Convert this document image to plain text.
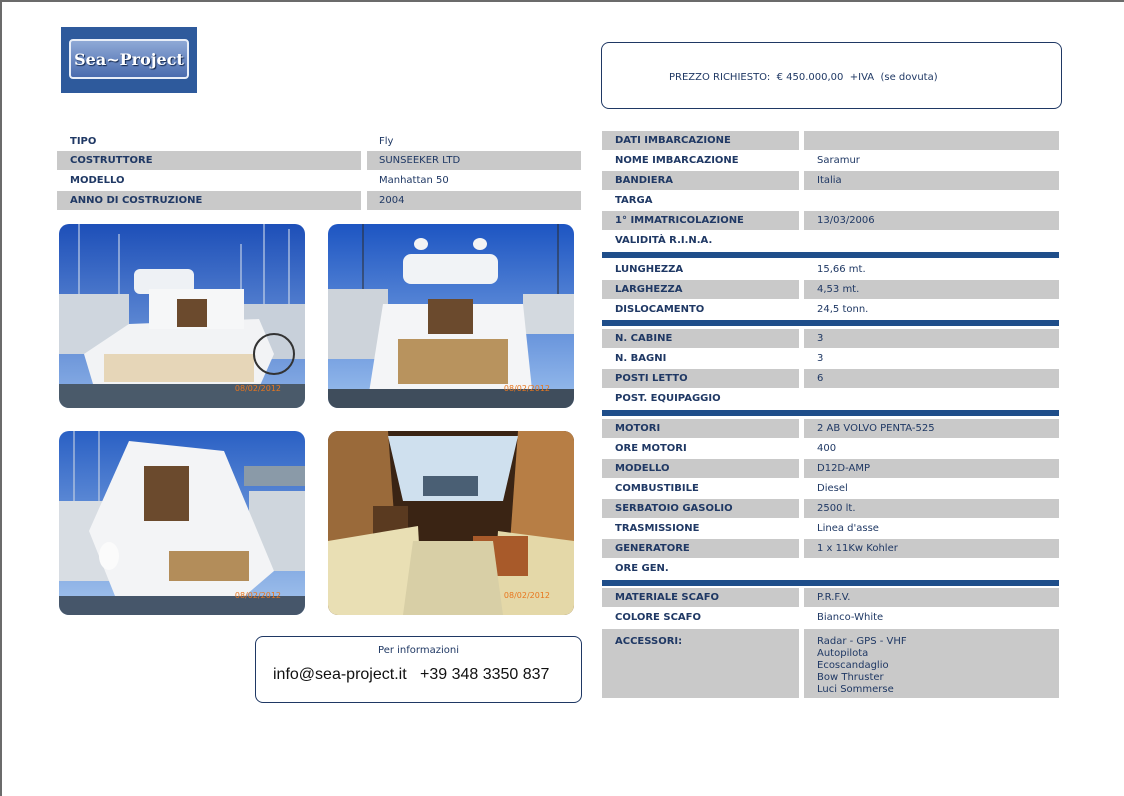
Sea~Project
PREZZO RICHIESTO: € 450.000,00 +IVA  (se dovuta)
TIPO	Fly
COSTRUTTORE	SUNSEEKER LTD
MODELLO	Manhattan 50
ANNO DI COSTRUZIONE	2004
08/02/2012	08/02/2012
08/02/2012	08/02/2012
Per informazioni
info@sea-project.it +39 348 3350 837
DATI IMBARCAZIONE
NOME IMBARCAZIONE	Saramur
BANDIERA	Italia
TARGA
1° IMMATRICOLAZIONE	13/03/2006
VALIDITÀ R.I.N.A.
LUNGHEZZA	15,66 mt.
LARGHEZZA	4,53 mt.
DISLOCAMENTO	24,5 tonn.
N. CABINE	3
N. BAGNI	3
POSTI LETTO	6
POST. EQUIPAGGIO
MOTORI	2 AB VOLVO PENTA-525
ORE MOTORI	400
MODELLO	D12D-AMP
COMBUSTIBILE	Diesel
SERBATOIO GASOLIO	2500 lt.
TRASMISSIONE	Linea d'asse
GENERATORE	1 x 11Kw Kohler
ORE GEN.
MATERIALE SCAFO	P.R.F.V.
COLORE SCAFO	Bianco-White
ACCESSORI:	Radar - GPS - VHF
Autopilota
Ecoscandaglio
Bow Thruster
Luci Sommerse
